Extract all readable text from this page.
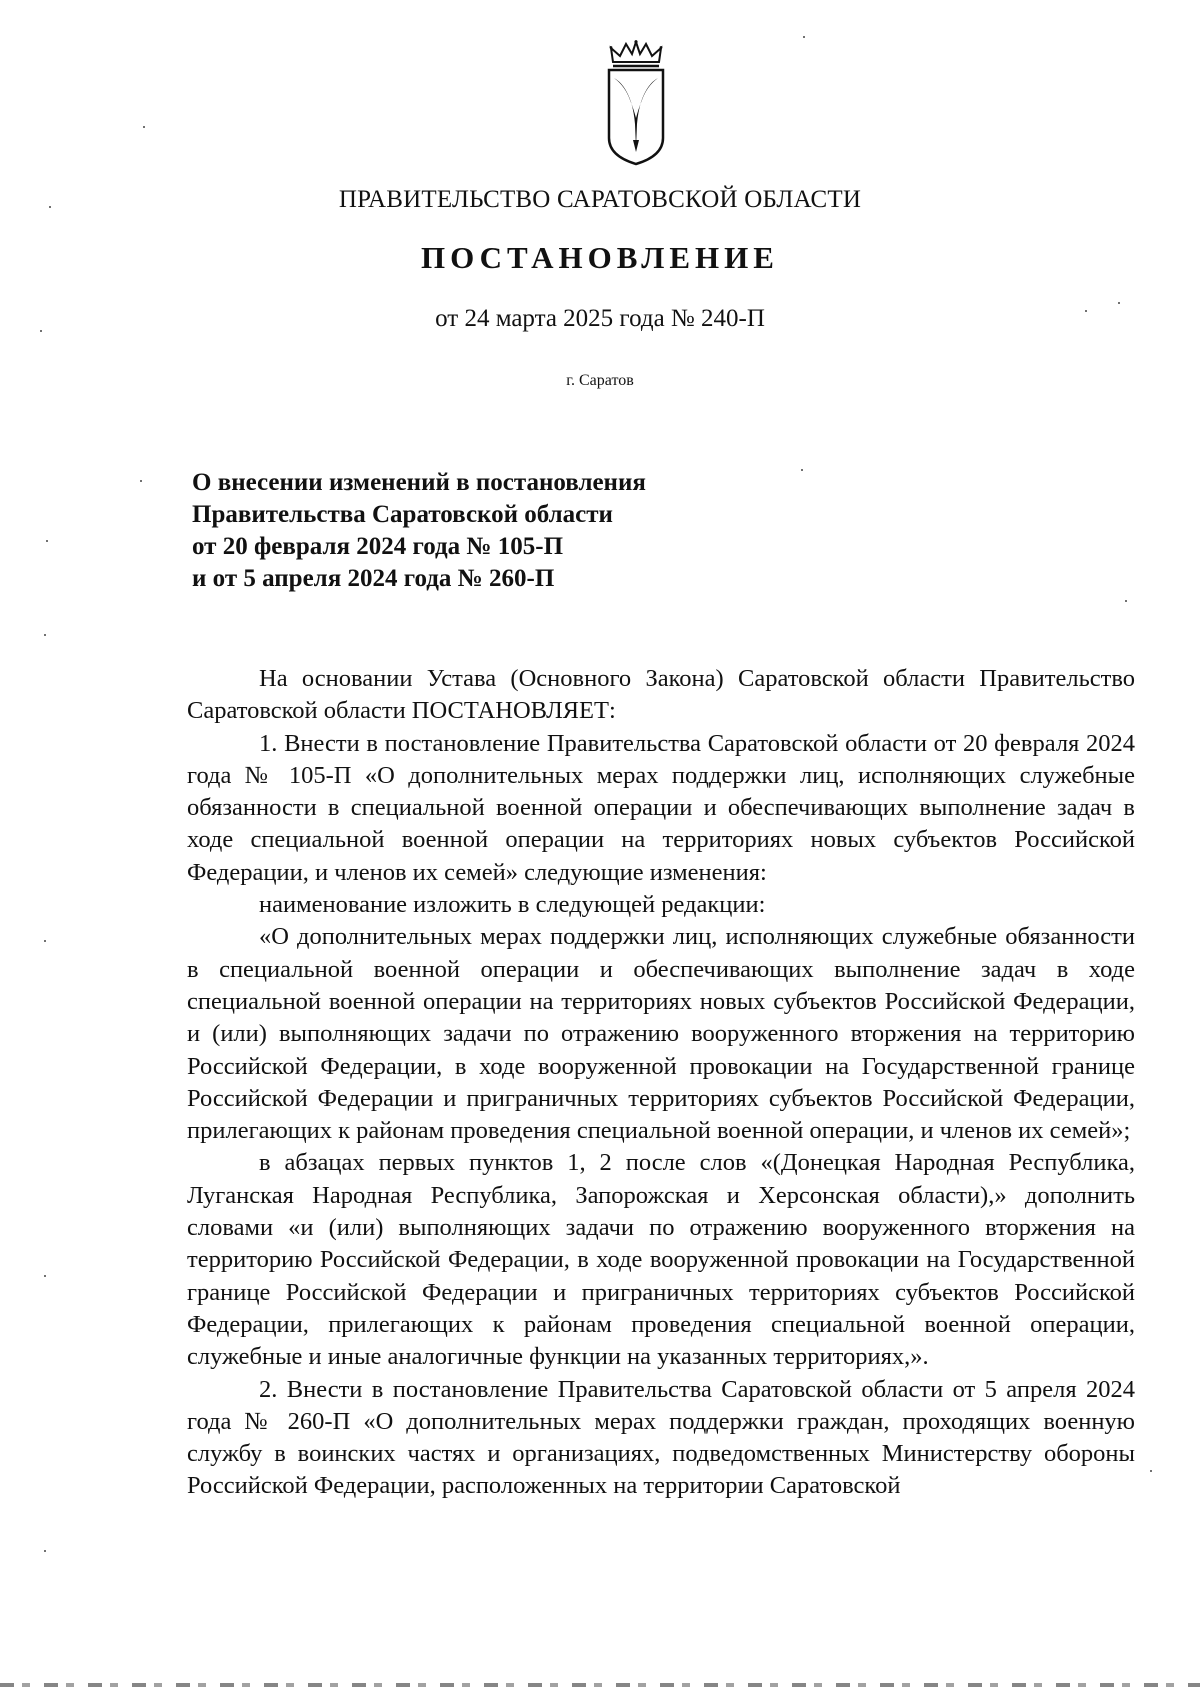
ПРАВИТЕЛЬСТВО САРАТОВСКОЙ ОБЛАСТИ
ПОСТАНОВЛЕНИЕ
от 24 марта 2025 года № 240-П
г. Саратов
О внесении изменений в постановления
Правительства Саратовской области
от 20 февраля 2024 года № 105-П
и от 5 апреля 2024 года № 260-П

На основании Устава (Основного Закона) Саратовской области Правительство Саратовской области ПОСТАНОВЛЯЕТ:

1. Внести в постановление Правительства Саратовской области от 20 февраля 2024 года № 105-П «О дополнительных мерах поддержки лиц, исполняющих служебные обязанности в специальной военной операции и обеспечивающих выполнение задач в ходе специальной военной операции на территориях новых субъектов Российской Федерации, и членов их семей» следующие изменения:

наименование изложить в следующей редакции:

«О дополнительных мерах поддержки лиц, исполняющих служебные обязанности в специальной военной операции и обеспечивающих выполнение задач в ходе специальной военной операции на территориях новых субъектов Российской Федерации, и (или) выполняющих задачи по отражению вооруженного вторжения на территорию Российской Федерации, в ходе вооруженной провокации на Государственной границе Российской Федерации и приграничных территориях субъектов Российской Федерации, прилегающих к районам проведения специальной военной операции, и членов их семей»;

в абзацах первых пунктов 1, 2 после слов «(Донецкая Народная Республика, Луганская Народная Республика, Запорожская и Херсонская области),» дополнить словами «и (или) выполняющих задачи по отражению вооруженного вторжения на территорию Российской Федерации, в ходе вооруженной провокации на Государственной границе Российской Федерации и приграничных территориях субъектов Российской Федерации, прилегающих к районам проведения специальной военной операции, служебные и иные аналогичные функции на указанных территориях,».

2. Внести в постановление Правительства Саратовской области от 5 апреля 2024 года № 260-П «О дополнительных мерах поддержки граждан, проходящих военную службу в воинских частях и организациях, подведомственных Министерству обороны Российской Федерации, расположенных на территории Саратовской
